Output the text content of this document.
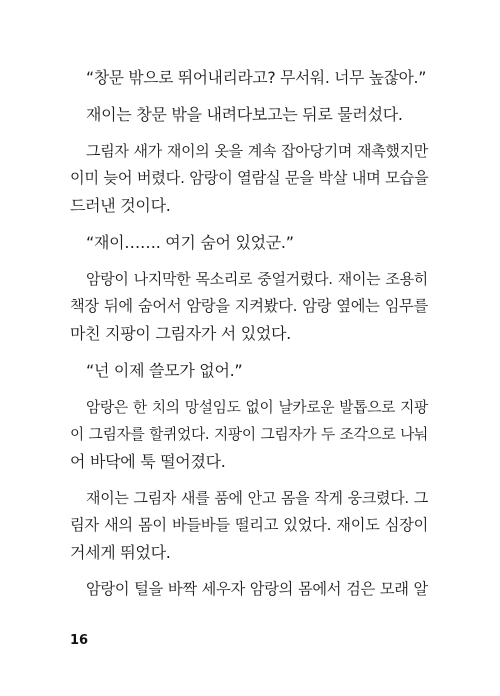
“창문 밖으로 뛰어내리라고? 무서워. 너무 높잖아.”

재이는 창문 밖을 내려다보고는 뒤로 물러섰다.

그림자 새가 재이의 옷을 계속 잡아당기며 재촉했지만
이미 늦어 버렸다. 암랑이 열람실 문을 박살 내며 모습을
드러낸 것이다.

“재이……. 여기 숨어 있었군.”

암랑이 나지막한 목소리로 중얼거렸다. 재이는 조용히
책장 뒤에 숨어서 암랑을 지켜봤다. 암랑 옆에는 임무를
마친 지팡이 그림자가 서 있었다.

“넌 이제 쓸모가 없어.”

암랑은 한 치의 망설임도 없이 날카로운 발톱으로 지팡
이 그림자를 할퀴었다. 지팡이 그림자가 두 조각으로 나눠
어 바닥에 툭 떨어졌다.

재이는 그림자 새를 품에 안고 몸을 작게 웅크렸다. 그
림자 새의 몸이 바들바들 떨리고 있었다. 재이도 심장이
거세게 뛰었다.

암랑이 털을 바짝 세우자 암랑의 몸에서 검은 모래 알

16
